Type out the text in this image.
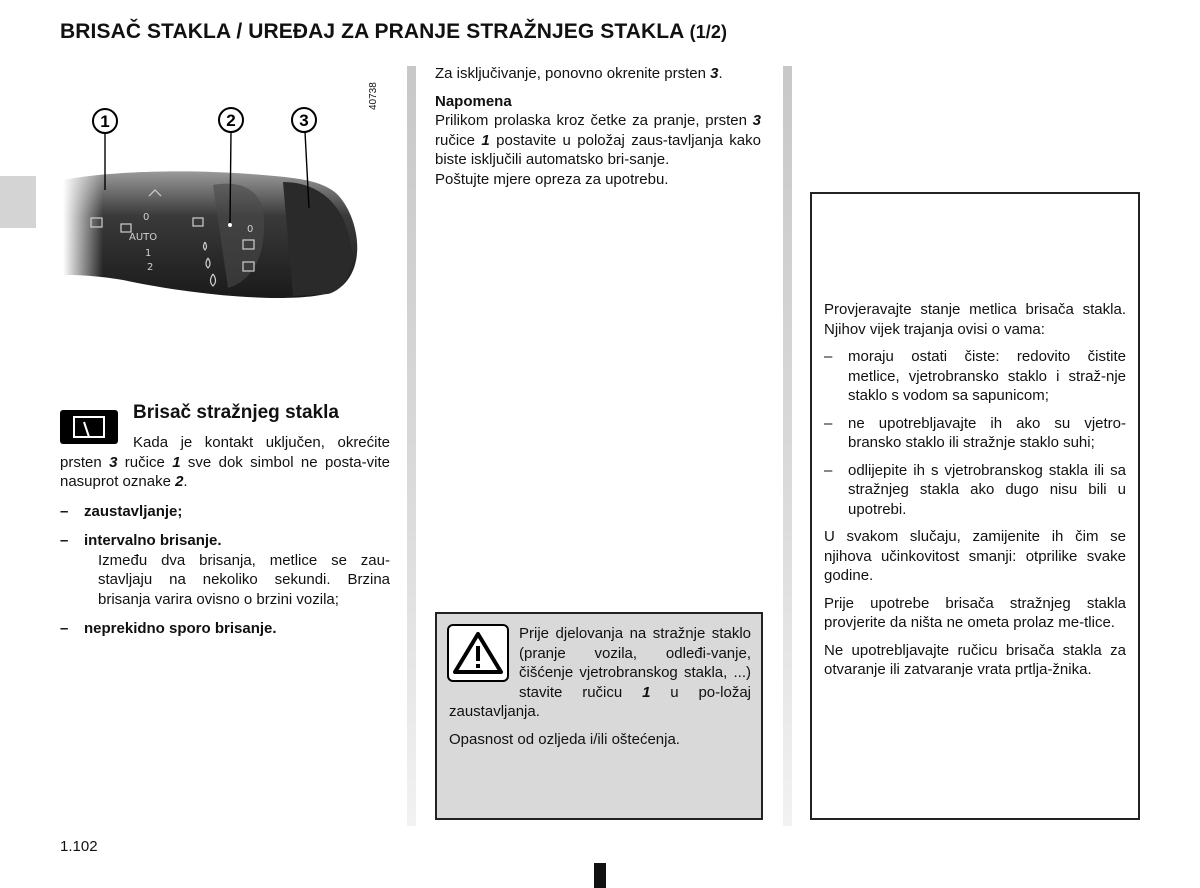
BRISAČ STAKLA / UREĐAJ ZA PRANJE STRAŽNJEG STAKLA (1/2)
AUTO
0
1
2
0
1	2	3
40738
Brisač stražnjeg stakla

Kada je kontakt uključen, okrećite prsten 3 ručice 1 sve dok simbol ne posta-vite nasuprot oznake 2.

–	zaustavljanje;
–	intervalno brisanje.

Između dva brisanja, metlice se zau-stavljaju na nekoliko sekundi. Brzina brisanja varira ovisno o brzini vozila;

–	neprekidno sporo brisanje.

Za isključivanje, ponovno okrenite prsten 3.

Napomena
Prilikom prolaska kroz četke za pranje, prsten 3 ručice 1 postavite u položaj zaus-tavljanja kako biste isključili automatsko bri-sanje.
Poštujte mjere opreza za upotrebu.
Prije djelovanja na stražnje staklo (pranje vozila, odleđi-vanje, čišćenje vjetrobranskog stakla, ...) stavite ručicu 1 u po-ložaj zaustavljanja.

Opasnost od ozljeda i/ili oštećenja.

Provjeravajte stanje metlica brisača stakla. Njihov vijek trajanja ovisi o vama:

–	moraju ostati čiste: redovito čistite metlice, vjetrobransko staklo i straž-nje staklo s vodom sa sapunicom;
–	ne upotrebljavajte ih ako su vjetro-bransko staklo ili stražnje staklo suhi;
–	odlijepite ih s vjetrobranskog stakla ili sa stražnjeg stakla ako dugo nisu bili u upotrebi.

U svakom slučaju, zamijenite ih čim se njihova učinkovitost smanji: otprilike svake godine.

Prije upotrebe brisača stražnjeg stakla provjerite da ništa ne ometa prolaz me-tlice.

Ne upotrebljavajte ručicu brisača stakla za otvaranje ili zatvaranje vrata prtlja-žnika.

1.102
